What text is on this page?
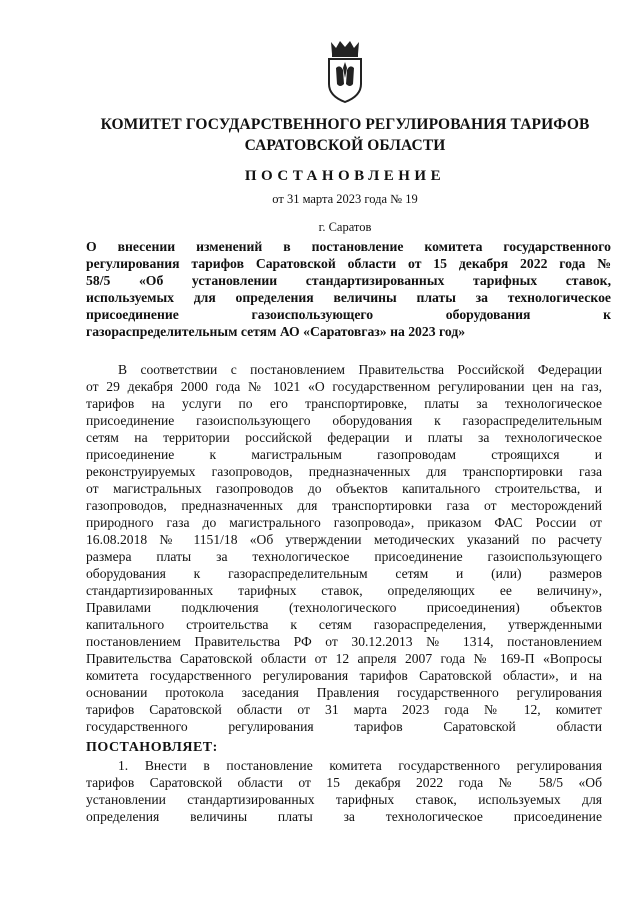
КОМИТЕТ ГОСУДАРСТВЕННОГО РЕГУЛИРОВАНИЯ ТАРИФОВ
САРАТОВСКОЙ ОБЛАСТИ
ПОСТАНОВЛЕНИЕ
от 31 марта 2023 года № 19
г. Саратов
О внесении изменений в постановление комитета государственного
регулирования тарифов Саратовской области от 15 декабря 2022 года №
58/5 «Об установлении стандартизированных тарифных ставок,
используемых для определения величины платы за технологическое
присоединение газоиспользующего оборудования к
газораспределительным сетям АО «Саратовгаз» на 2023 год»
В соответствии с постановлением Правительства Российской Федерации
от 29 декабря 2000 года № 1021 «О государственном регулировании цен на газ,
тарифов на услуги по его транспортировке, платы за технологическое
присоединение газоиспользующего оборудования к газораспределительным
сетям на территории российской федерации и платы за технологическое
присоединение к магистральным газопроводам строящихся и
реконструируемых газопроводов, предназначенных для транспортировки газа
от магистральных газопроводов до объектов капитального строительства, и
газопроводов, предназначенных для транспортировки газа от месторождений
природного газа до магистрального газопровода», приказом ФАС России от
16.08.2018 № 1151/18 «Об утверждении методических указаний по расчету
размера платы за технологическое присоединение газоиспользующего
оборудования к газораспределительным сетям и (или) размеров
стандартизированных тарифных ставок, определяющих ее величину»,
Правилами подключения (технологического присоединения) объектов
капитального строительства к сетям газораспределения, утвержденными
постановлением Правительства РФ от 30.12.2013 № 1314, постановлением
Правительства Саратовской области от 12 апреля 2007 года № 169-П «Вопросы
комитета государственного регулирования тарифов Саратовской области», и на
основании протокола заседания Правления государственного регулирования
тарифов Саратовской области от 31 марта 2023 года № 12, комитет
государственного регулирования тарифов Саратовской области
ПОСТАНОВЛЯЕТ:
1. Внести в постановление комитета государственного регулирования
тарифов Саратовской области от 15 декабря 2022 года № 58/5 «Об
установлении стандартизированных тарифных ставок, используемых для
определения величины платы за технологическое присоединение
